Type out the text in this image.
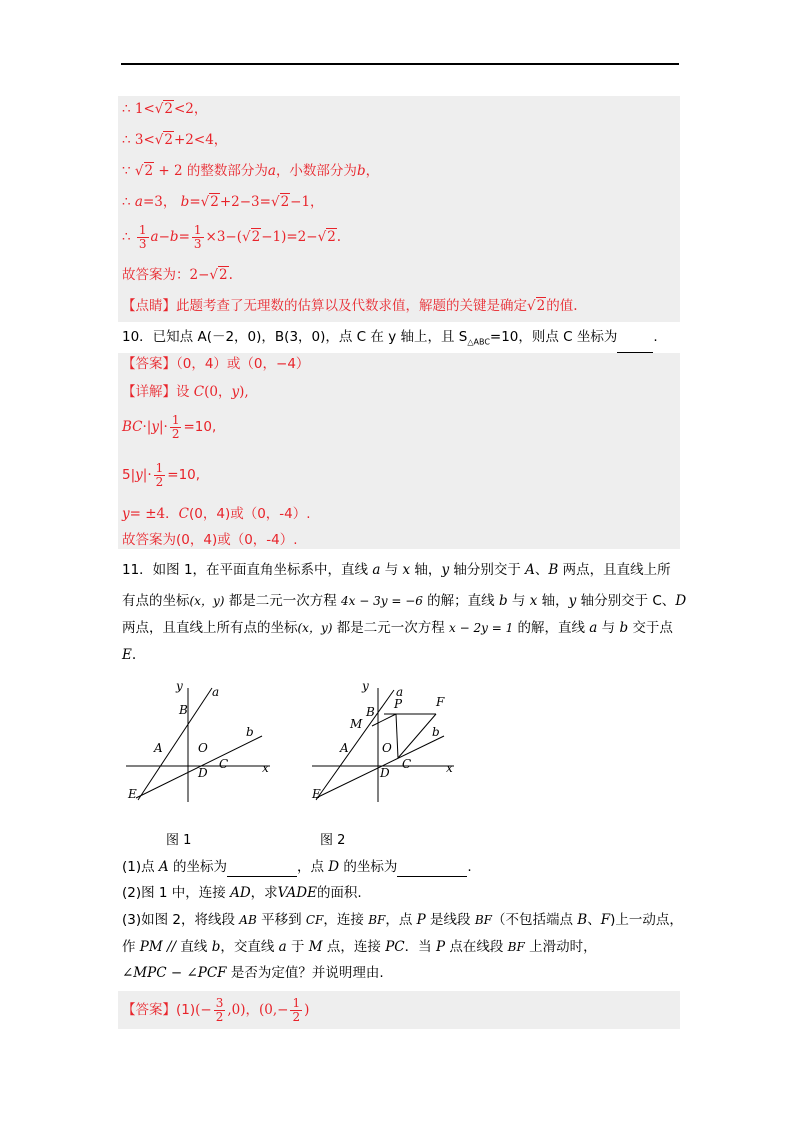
∴ 1<√2<2，
∴ 3<√2+2<4，
∵ √2 + 2 的整数部分为a，小数部分为b，
∴ a=3， b=√2+2−3=√2−1，
∴ $\frac{1}{3} a-b= \frac{1}{3} \times 3-(√2-1)=2-√2$.
故答案为：2−√2.
【点睛】此题考查了无理数的估算以及代数求值，解题的关键是确定√2的值.
10．已知点 A(－2，0)，B(3，0)，点 C 在 y 轴上，且 $S_{\triangle ABC}=10$，则点 C 坐标为	.
【答案】（0，4）或（0，−4）
【详解】设 C(0，y),
$BC\cdot|y|\cdot \frac{1}{2} =10$,
$5|y|\cdot \frac{1}{2} =10$,
y= ±4．C(0，4)或（0，-4）.
故答案为(0，4)或（0，-4）.
11．如图 1，在平面直角坐标系中，直线 a 与 x 轴，y 轴分别交于 A、B 两点，且直线上所
有点的坐标(x，y) 都是二元一次方程 4x − 3y = −6 的解；直线 b 与 x 轴，y 轴分别交于 C、D
两点，且直线上所有点的坐标(x，y) 都是二元一次方程 x − 2y = 1 的解，直线 a 与 b 交于点
E.
y a
B
A	O
b
C
D	x
E
图 1
y a
B
P	F
M
A	O
b
C
D	x
E
图 2
(1)点 A 的坐标为	，点 D 的坐标为	.
(2)图 1 中，连接 AD，求VADE的面积.
(3)如图 2，将线段 AB 平移到 CF，连接 BF，点 P 是线段 BF（不包括端点 B、F)上一动点，
作 PM // 直线 b，交直线 a 于 M 点，连接 PC．当 P 点在线段 BF 上滑动时，
∠MPC − ∠PCF 是否为定值？并说明理由.
【答案】$(1)(- \frac{3}{2} ,0)$，($0,- \frac{1}{2}$ )
